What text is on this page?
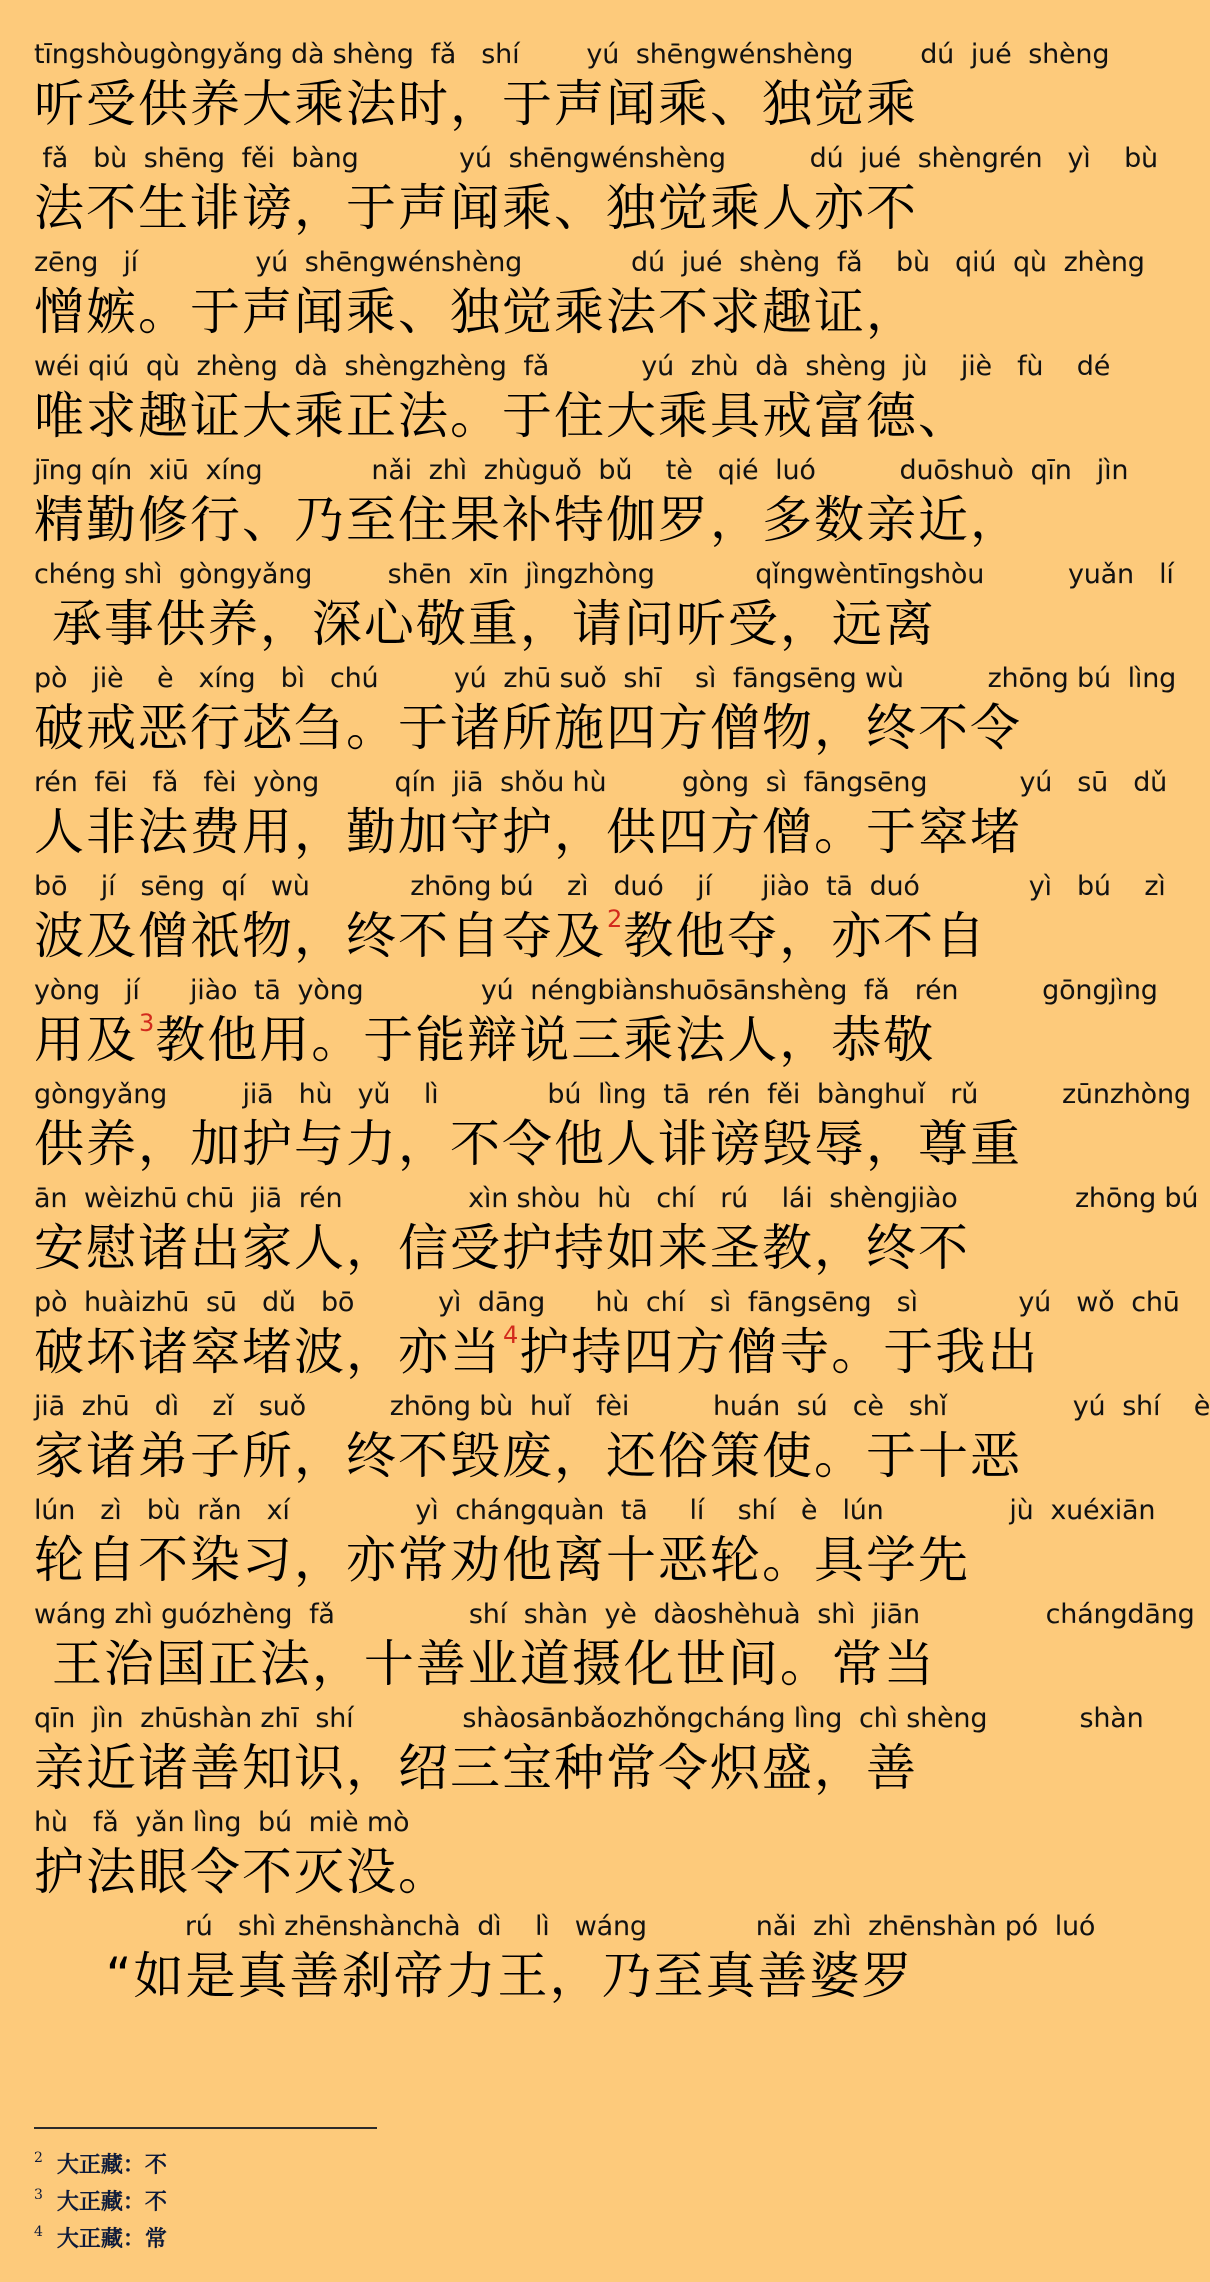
tīngshòugòngyǎng dà shèng  fǎ   shí        yú  shēngwénshèng        dú  jué  shèng
听受供养大乘法时，于声闻乘、独觉乘
fǎ   bù  shēng  fěi  bàng            yú  shēngwénshèng          dú  jué  shèngrén   yì    bù
法不生诽谤，于声闻乘、独觉乘人亦不
zēng   jí              yú  shēngwénshèng             dú  jué  shèng  fǎ    bù   qiú  qù  zhèng
憎嫉。于声闻乘、独觉乘法不求趣证，
wéi qiú  qù  zhèng  dà  shèngzhèng  fǎ           yú  zhù  dà  shèng  jù    jiè   fù    dé
唯求趣证大乘正法。于住大乘具戒富德、
jīng qín  xiū  xíng             nǎi  zhì  zhùguǒ  bǔ    tè   qié  luó          duōshuò  qīn   jìn
精勤修行、乃至住果补特伽罗，多数亲近，
chéng shì  gòngyǎng         shēn  xīn  jìngzhòng            qǐngwèntīngshòu          yuǎn   lí
承事供养，深心敬重，请问听受，远离
pò   jiè    è   xíng   bì   chú         yú  zhū suǒ  shī    sì  fāngsēng wù          zhōng bú  lìng
破戒恶行苾刍。于诸所施四方僧物，终不令
rén  fēi   fǎ   fèi  yòng         qín  jiā  shǒu hù         gòng  sì  fāngsēng           yú   sū   dǔ
人非法费用，勤加守护，供四方僧。于窣堵
bō    jí   sēng  qí   wù            zhōng bú    zì   duó    jí      jiào  tā  duó             yì   bú    zì
波及僧祇物，终不自夺及2教他夺，亦不自
yòng   jí      jiào  tā  yòng              yú  néngbiànshuōsānshèng  fǎ   rén          gōngjìng
用及3教他用。于能辩说三乘法人，恭敬
gòngyǎng         jiā   hù   yǔ    lì             bú  lìng  tā  rén  fěi  bànghuǐ   rǔ          zūnzhòng
供养，加护与力，不令他人诽谤毁辱，尊重
ān  wèizhū chū  jiā  rén               xìn shòu  hù   chí   rú    lái  shèngjiào              zhōng bú
安慰诸出家人，信受护持如来圣教，终不
pò  huàizhū  sū   dǔ   bō          yì  dāng      hù  chí   sì  fāngsēng   sì            yú   wǒ  chū
破坏诸窣堵波，亦当4护持四方僧寺。于我出
jiā  zhū   dì    zǐ   suǒ          zhōng bù  huǐ   fèi          huán  sú   cè   shǐ               yú  shí    è
家诸弟子所，终不毁废，还俗策使。于十恶
lún   zì   bù  rǎn   xí               yì  chángquàn  tā     lí    shí   è   lún               jù  xuéxiān
轮自不染习，亦常劝他离十恶轮。具学先
wáng zhì guózhèng  fǎ                shí  shàn  yè  dàoshèhuà  shì  jiān               chángdāng
王治国正法，十善业道摄化世间。常当
qīn  jìn  zhūshàn zhī  shí             shàosānbǎozhǒngcháng lìng  chì shèng           shàn
亲近诸善知识，绍三宝种常令炽盛，善
hù   fǎ  yǎn lìng  bú  miè mò
护法眼令不灭没。
rú   shì zhēnshànchà  dì    lì   wáng             nǎi  zhì  zhēnshàn pó  luó
“如是真善刹帝力王，乃至真善婆罗
2 大正藏：不
3 大正藏：不
4 大正藏：常
